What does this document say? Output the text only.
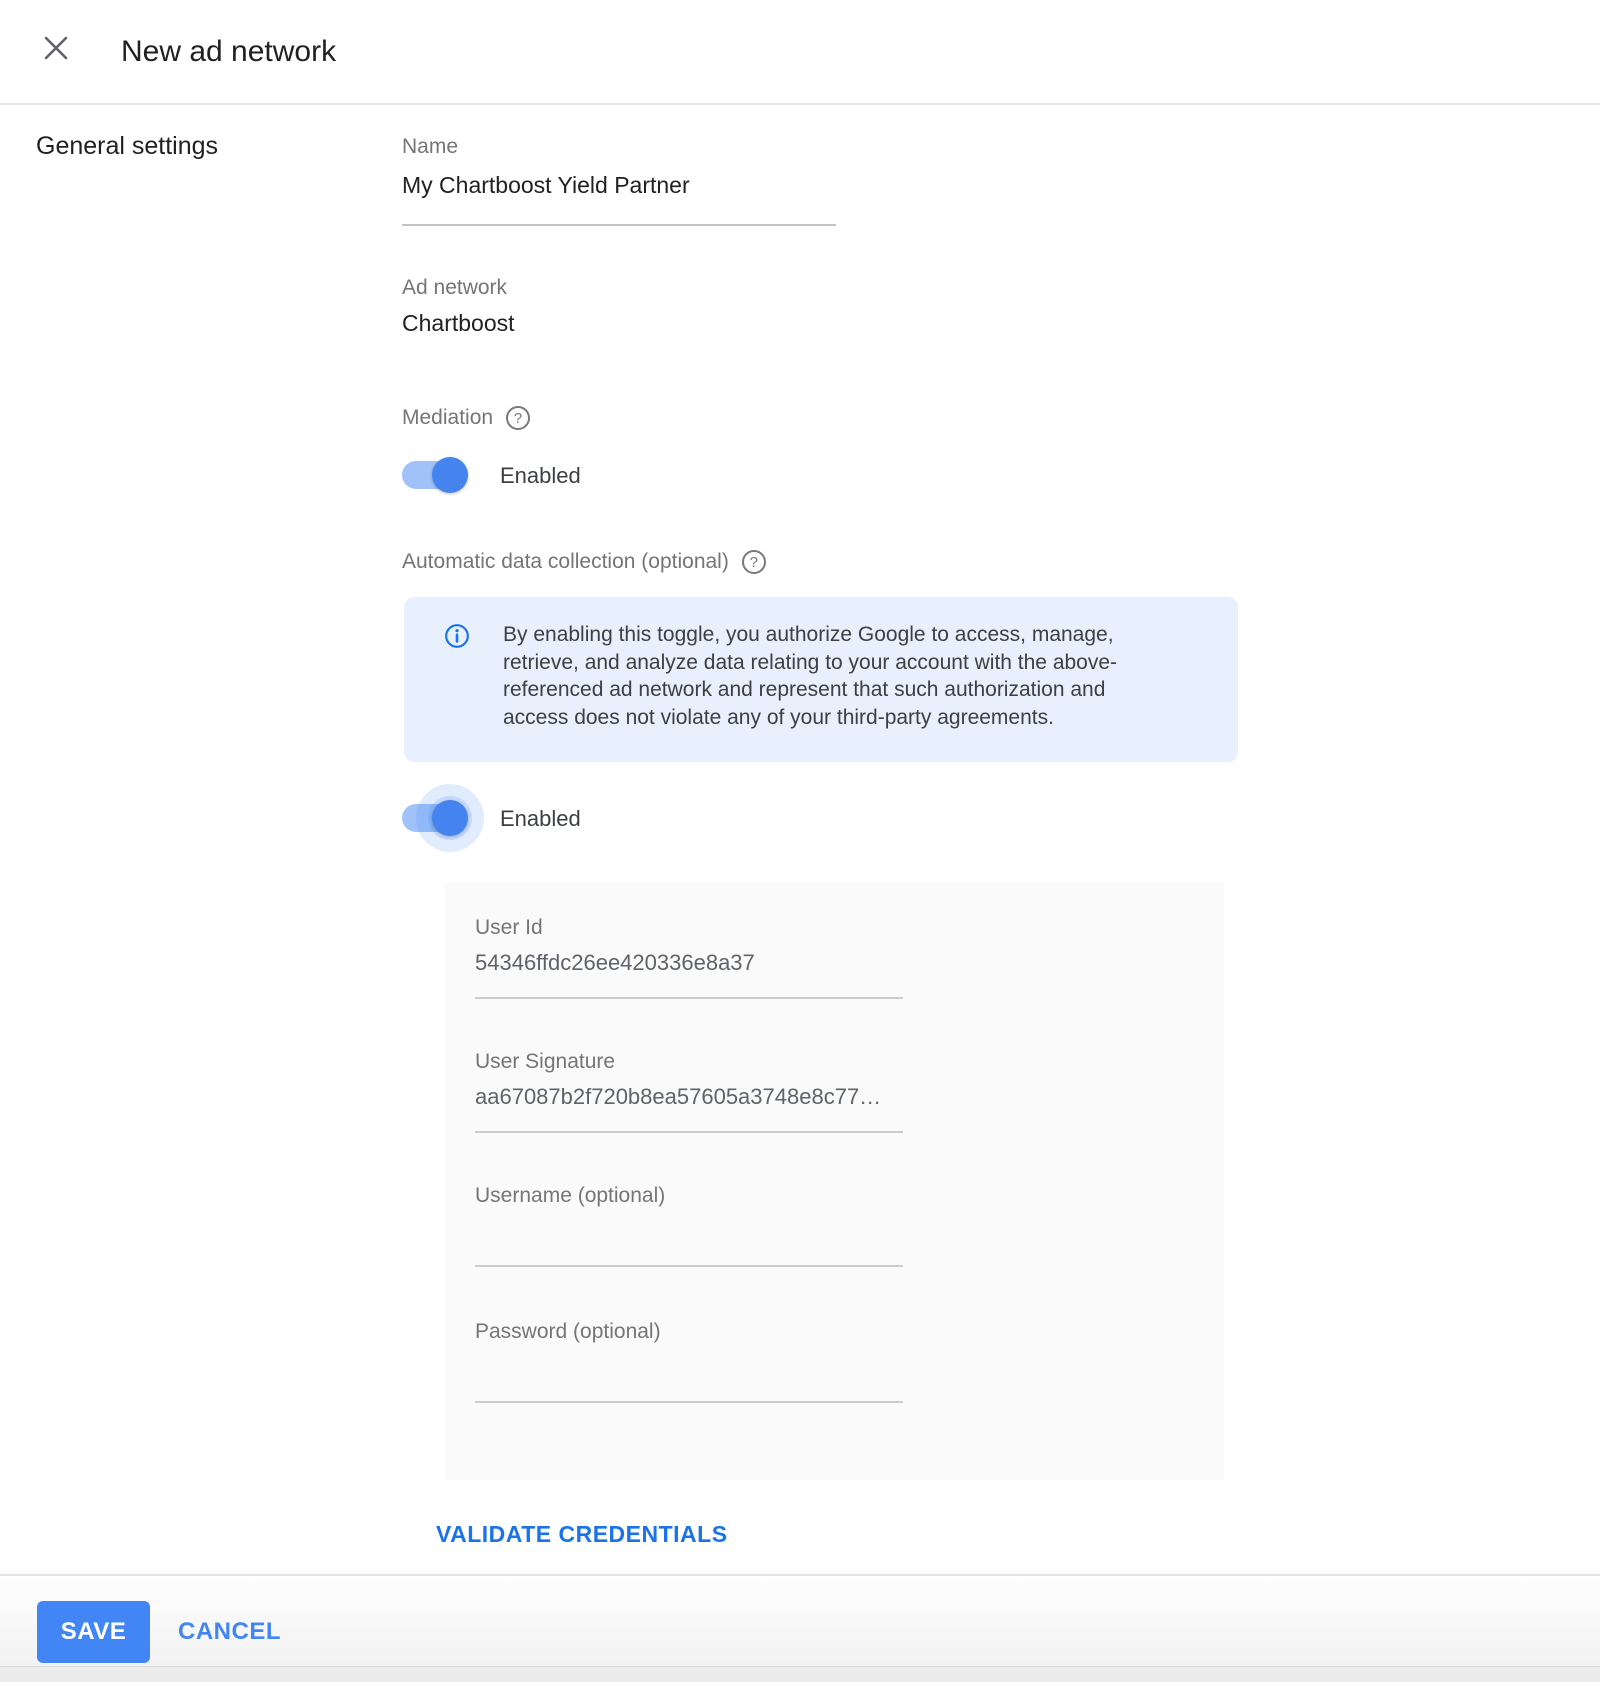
New ad network
General settings	Name
My Chartboost Yield Partner
Ad network
Chartboost
Mediation	?
Enabled
Automatic data collection (optional)	?
By enabling this toggle, you authorize Google to access, manage,
retrieve, and analyze data relating to your account with the above-
referenced ad network and represent that such authorization and
access does not violate any of your third-party agreements.
Enabled
User Id
54346ffdc26ee420336e8a37
User Signature
aa67087b2f720b8ea57605a3748e8c77…
Username (optional)
Password (optional)
VALIDATE CREDENTIALS
SAVE	CANCEL
